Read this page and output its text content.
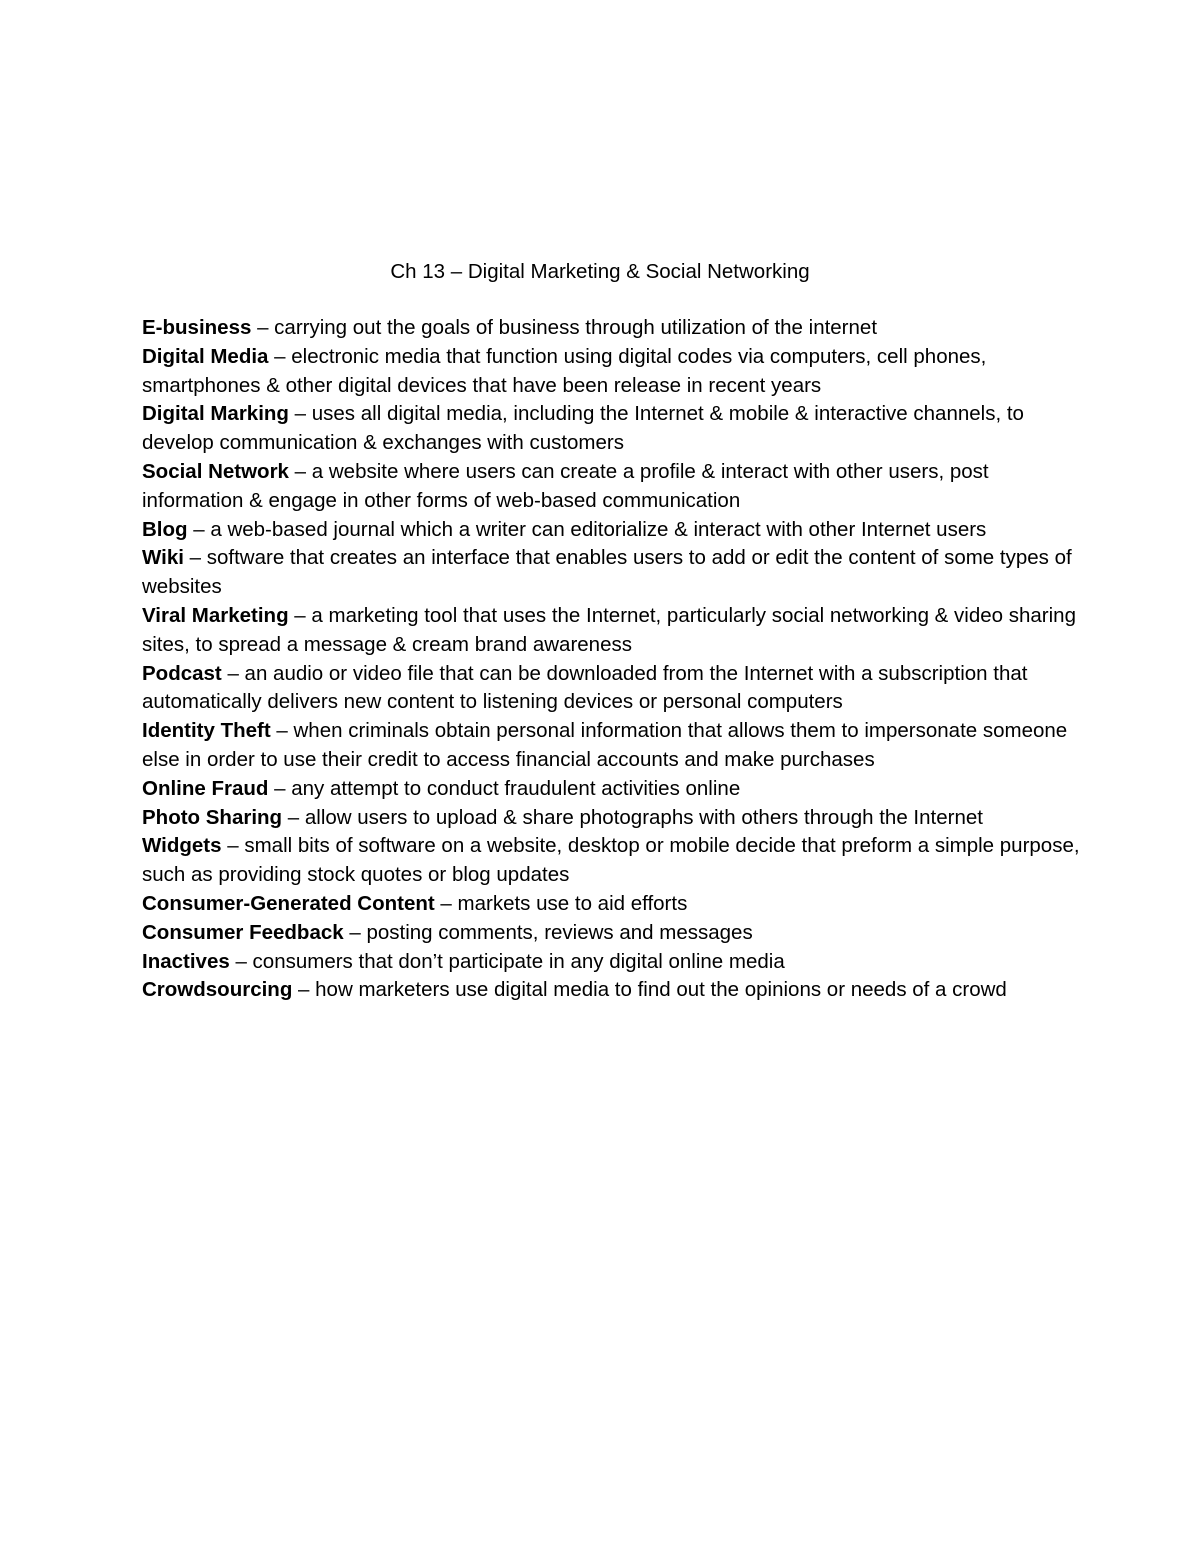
Ch 13 – Digital Marketing & Social Networking
E-business – carrying out the goals of business through utilization of the internet
Digital Media – electronic media that function using digital codes via computers, cell phones, smartphones & other digital devices that have been release in recent years
Digital Marking – uses all digital media, including the Internet & mobile & interactive channels, to develop communication & exchanges with customers
Social Network – a website where users can create a profile & interact with other users, post information & engage in other forms of web-based communication
Blog – a web-based journal which a writer can editorialize & interact with other Internet users
Wiki – software that creates an interface that enables users to add or edit the content of some types of websites
Viral Marketing – a marketing tool that uses the Internet, particularly social networking & video sharing sites, to spread a message & cream brand awareness
Podcast – an audio or video file that can be downloaded from the Internet with a subscription that automatically delivers new content to listening devices or personal computers
Identity Theft – when criminals obtain personal information that allows them to impersonate someone else in order to use their credit to access financial accounts and make purchases
Online Fraud – any attempt to conduct fraudulent activities online
Photo Sharing – allow users to upload & share photographs with others through the Internet
Widgets – small bits of software on a website, desktop or mobile decide that preform a simple purpose, such as providing stock quotes or blog updates
Consumer-Generated Content – markets use to aid efforts
Consumer Feedback – posting comments, reviews and messages
Inactives – consumers that don’t participate in any digital online media
Crowdsourcing – how marketers use digital media to find out the opinions or needs of a crowd
